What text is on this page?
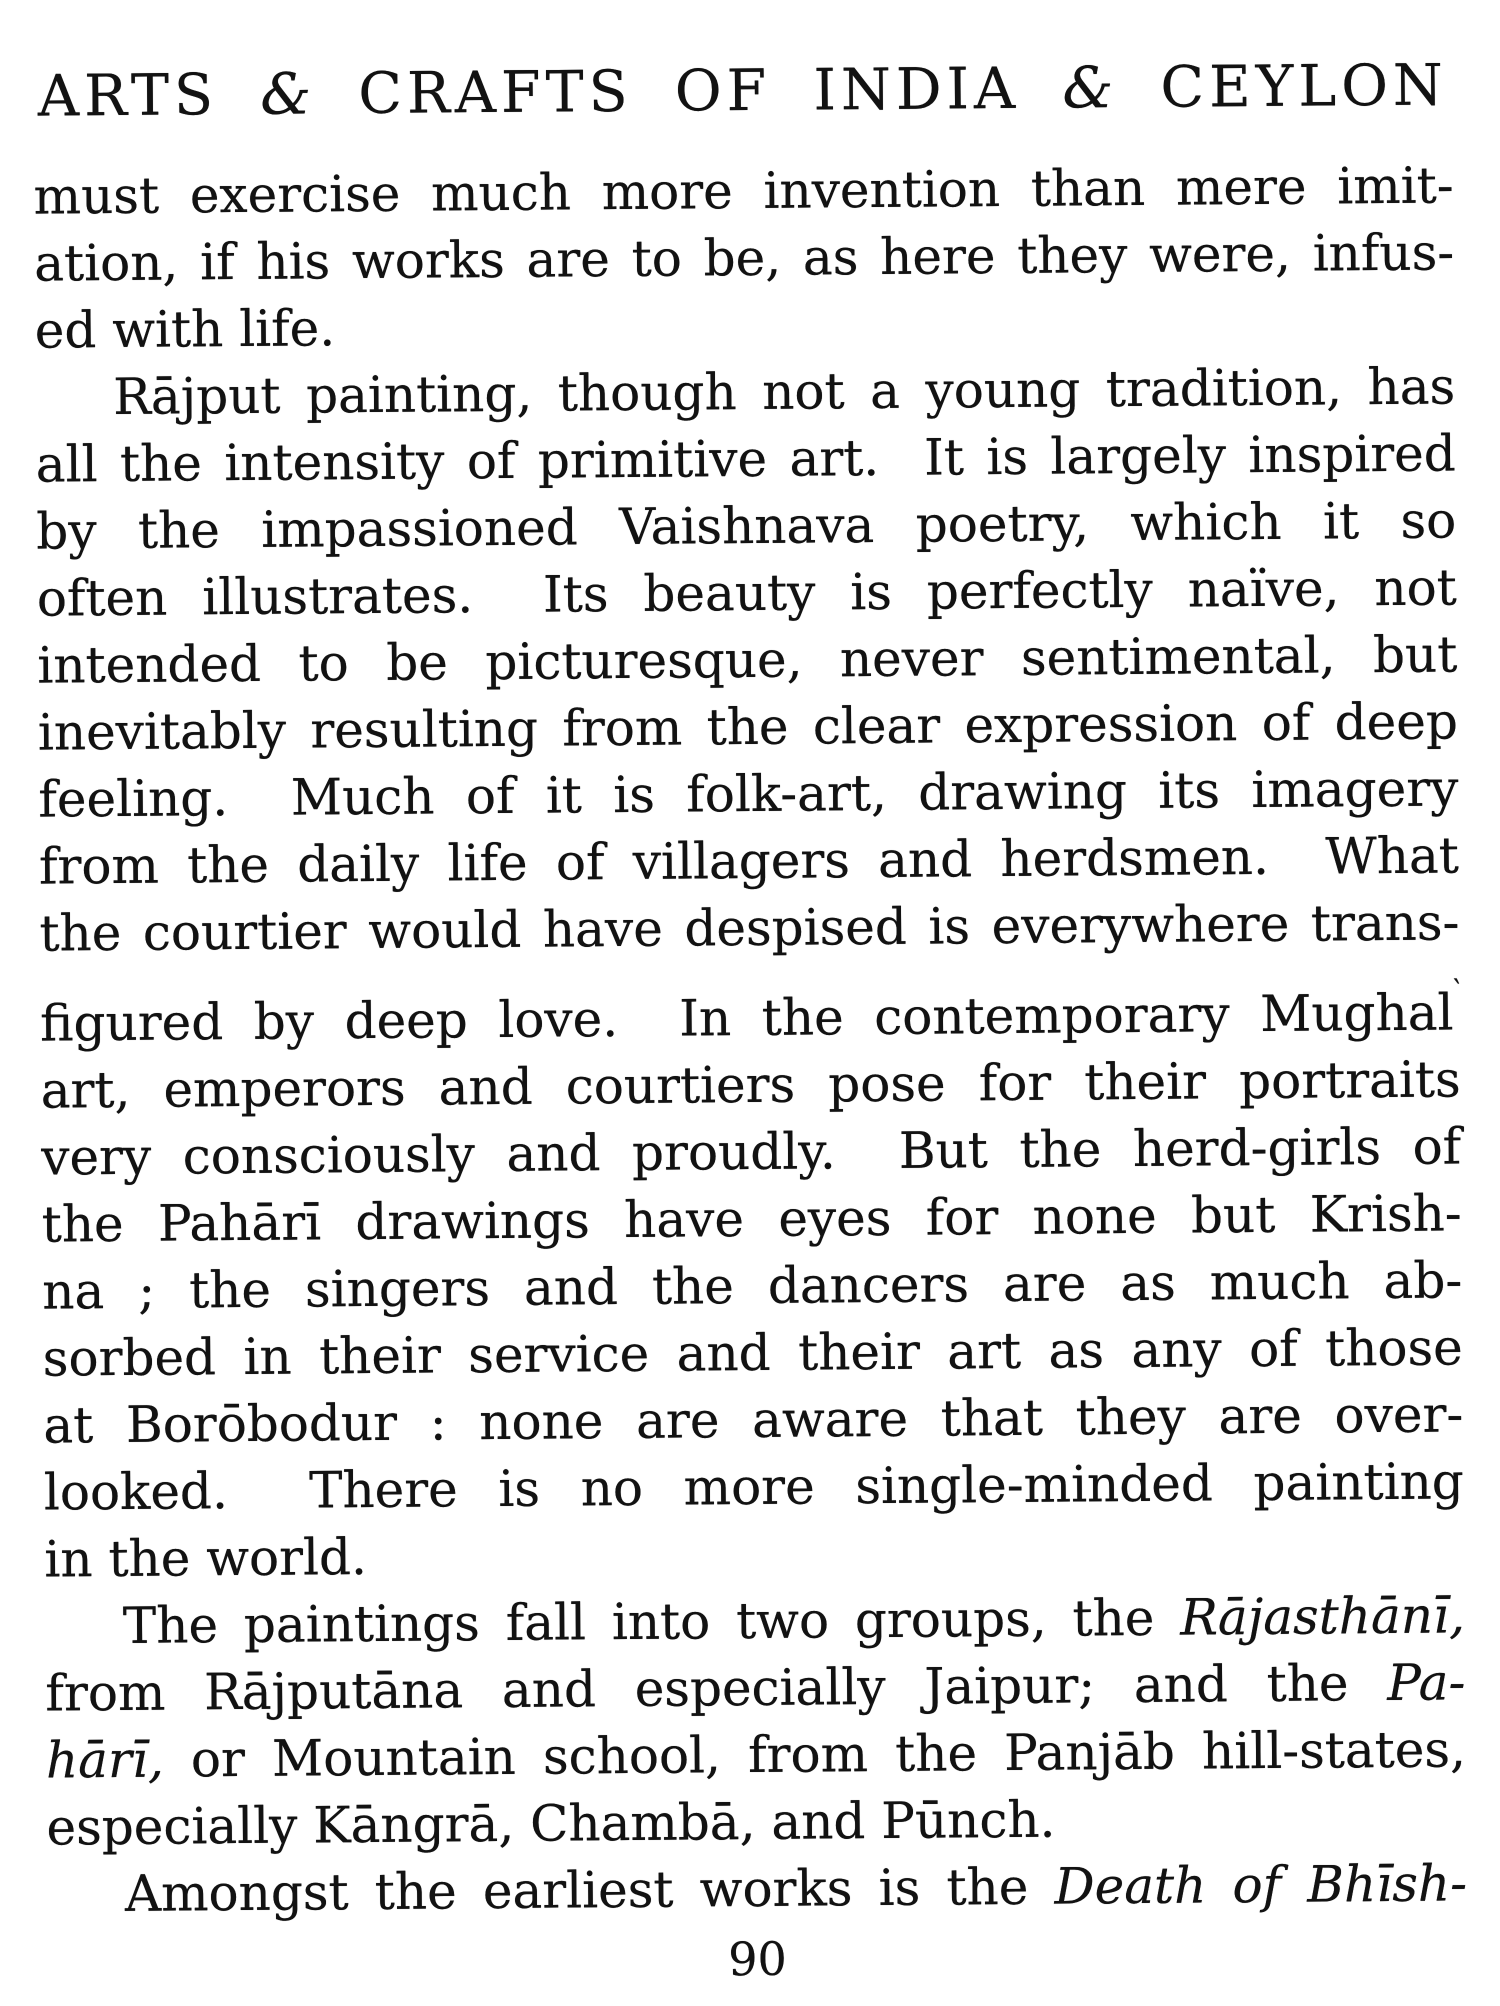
ARTS & CRAFTS OF INDIA & CEYLON
must exercise much more invention than mere imit-
ation, if his works are to be, as here they were, infus-
ed with life.
Rājput painting, though not a young tradition, has
all the intensity of primitive art.  It is largely inspired
by the impassioned Vaishnava poetry, which it so
often illustrates.  Its beauty is perfectly naïve, not
intended to be picturesque, never sentimental, but
inevitably resulting from the clear expression of deep
feeling.  Much of it is folk-art, drawing its imagery
from the daily life of villagers and herdsmen.  What
the courtier would have despised is everywhere trans-
figured by deep love.  In the contemporary Mughal‵
art, emperors and courtiers pose for their portraits
very consciously and proudly.  But the herd-girls of
the Pahārī drawings have eyes for none but Krish-
na ; the singers and the dancers are as much ab-
sorbed in their service and their art as any of those
at Borōbodur : none are aware that they are over-
looked.  There is no more single-minded painting
in the world.
The paintings fall into two groups, the Rājasthānī,
from Rājputāna and especially Jaipur; and the Pa-
hārī, or Mountain school, from the Panjāb hill-states,
especially Kāngrā, Chambā, and Pūnch.
Amongst the earliest works is the Death of Bhīsh-
90
